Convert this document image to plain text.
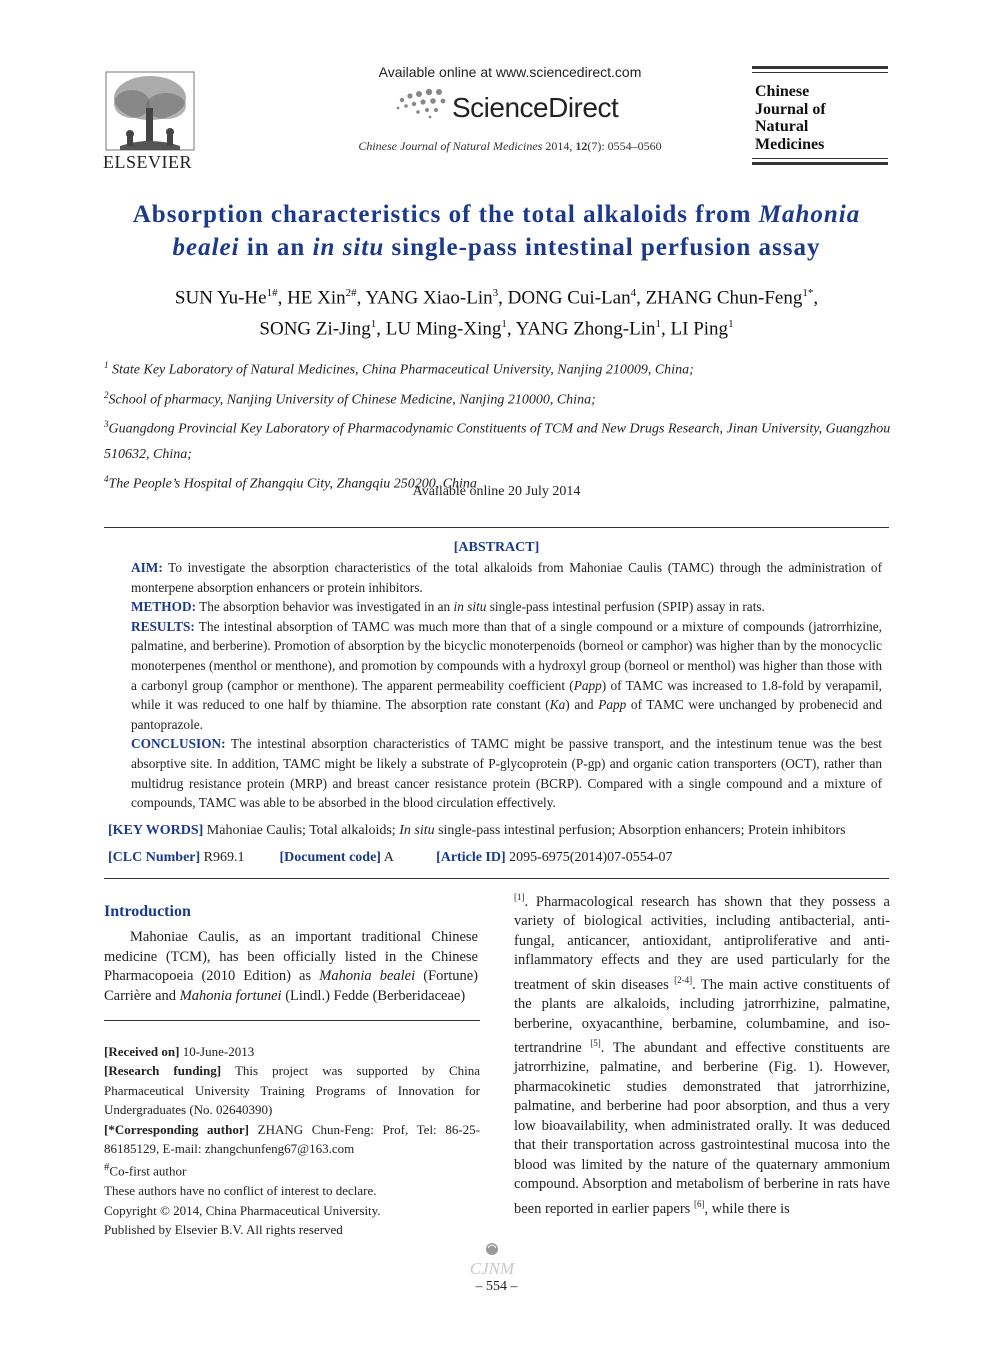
ELSEVIER
Available online at www.sciencedirect.com
ScienceDirect
Chinese Journal of Natural Medicines 2014, 12(7): 0554–0560
Chinese
Journal of
Natural
Medicines
Absorption characteristics of the total alkaloids from Mahonia bealei in an in situ single-pass intestinal perfusion assay
SUN $Yu-He^{1\#}$, HE Xin$^{2\#}$, YANG Xiao-Lin$^3$, DONG Cui-Lan$^4$, ZHANG Chun-Feng$^{1*}$,
SONG Zi-Jing$^1$, LU Ming-Xing$^1$, YANG Zhong-Lin$^1$, LI Ping$^1$
$^1$ State Key Laboratory of Natural Medicines, China Pharmaceutical University, Nanjing 210009, China;
$^2$School of pharmacy, Nanjing University of Chinese Medicine, Nanjing 210000, China;
$^3$Guangdong Provincial Key Laboratory of Pharmacodynamic Constituents of TCM and New Drugs Research, Jinan University, Guangzhou 510632, China;
$^4$The People’s Hospital of Zhangqiu City, Zhangqiu 250200, China
Available online 20 July 2014
[ABSTRACT]

AIM: To investigate the absorption characteristics of the total alkaloids from Mahoniae Caulis (TAMC) through the administration of monterpene absorption enhancers or protein inhibitors.

METHOD: The absorption behavior was investigated in an in situ single-pass intestinal perfusion (SPIP) assay in rats.

RESULTS: The intestinal absorption of TAMC was much more than that of a single compound or a mixture of compounds (jatrorrhizine, palmatine, and berberine). Promotion of absorption by the bicyclic monoterpenoids (borneol or camphor) was higher than by the monocyclic monoterpenes (menthol or menthone), and promotion by compounds with a hydroxyl group (borneol or menthol) was higher than those with a carbonyl group (camphor or menthone). The apparent permeability coefficient (Papp) of TAMC was increased to 1.8-fold by verapamil, while it was reduced to one half by thiamine. The absorption rate constant (Ka) and Papp of TAMC were unchanged by probenecid and pantoprazole.

CONCLUSION: The intestinal absorption characteristics of TAMC might be passive transport, and the intestinum tenue was the best absorptive site. In addition, TAMC might be likely a substrate of P-glycoprotein (P-gp) and organic cation transporters (OCT), rather than multidrug resistance protein (MRP) and breast cancer resistance protein (BCRP). Compared with a single compound and a mixture of compounds, TAMC was able to be absorbed in the blood circulation effectively.

[KEY WORDS] Mahoniae Caulis; Total alkaloids; In situ single-pass intestinal perfusion; Absorption enhancers; Protein inhibitors
[CLC Number] R969.1	[Document code] A	[Article ID] 2095-6975(2014)07-0554-07
Introduction

Mahoniae Caulis, as an important traditional Chinese medicine (TCM), has been officially listed in the Chinese Pharmacopoeia (2010 Edition) as Mahonia bealei (Fortune) Carrière and Mahonia fortunei (Lindl.) Fedde (Berberidaceae)

[Received on] 10-June-2013

[Research funding] This project was supported by China Pharmaceutical University Training Programs of Innovation for Undergraduates (No. 02640390)

[*Corresponding author] ZHANG Chun-Feng: Prof, Tel: 86-25-86185129, E-mail: zhangchunfeng67@163.com

#Co-first author

These authors have no conflict of interest to declare.

Copyright © 2014, China Pharmaceutical University.

Published by Elsevier B.V. All rights reserved

[1]. Pharmacological research has shown that they possess a variety of biological activities, including antibacterial, anti-fungal, anticancer, antioxidant, antiproliferative and anti-inflammatory effects and they are used particularly for the treatment of skin diseases [2-4]. The main active constituents of the plants are alkaloids, including jatrorrhizine, palmatine, berberine, oxyacanthine, berbamine, columbamine, and iso-tertrandrine [5]. The abundant and effective constituents are jatrorrhizine, palmatine, and berberine (Fig. 1). However, pharmacokinetic studies demonstrated that jatrorrhizine, palmatine, and berberine had poor absorption, and thus a very low bioavailability, when administrated orally. It was deduced that their transportation across gastrointestinal mucosa into the blood was limited by the nature of the quaternary ammonium compound. Absorption and metabolism of berberine in rats have been reported in earlier papers [6], while there is

CJNM
– 554 –
